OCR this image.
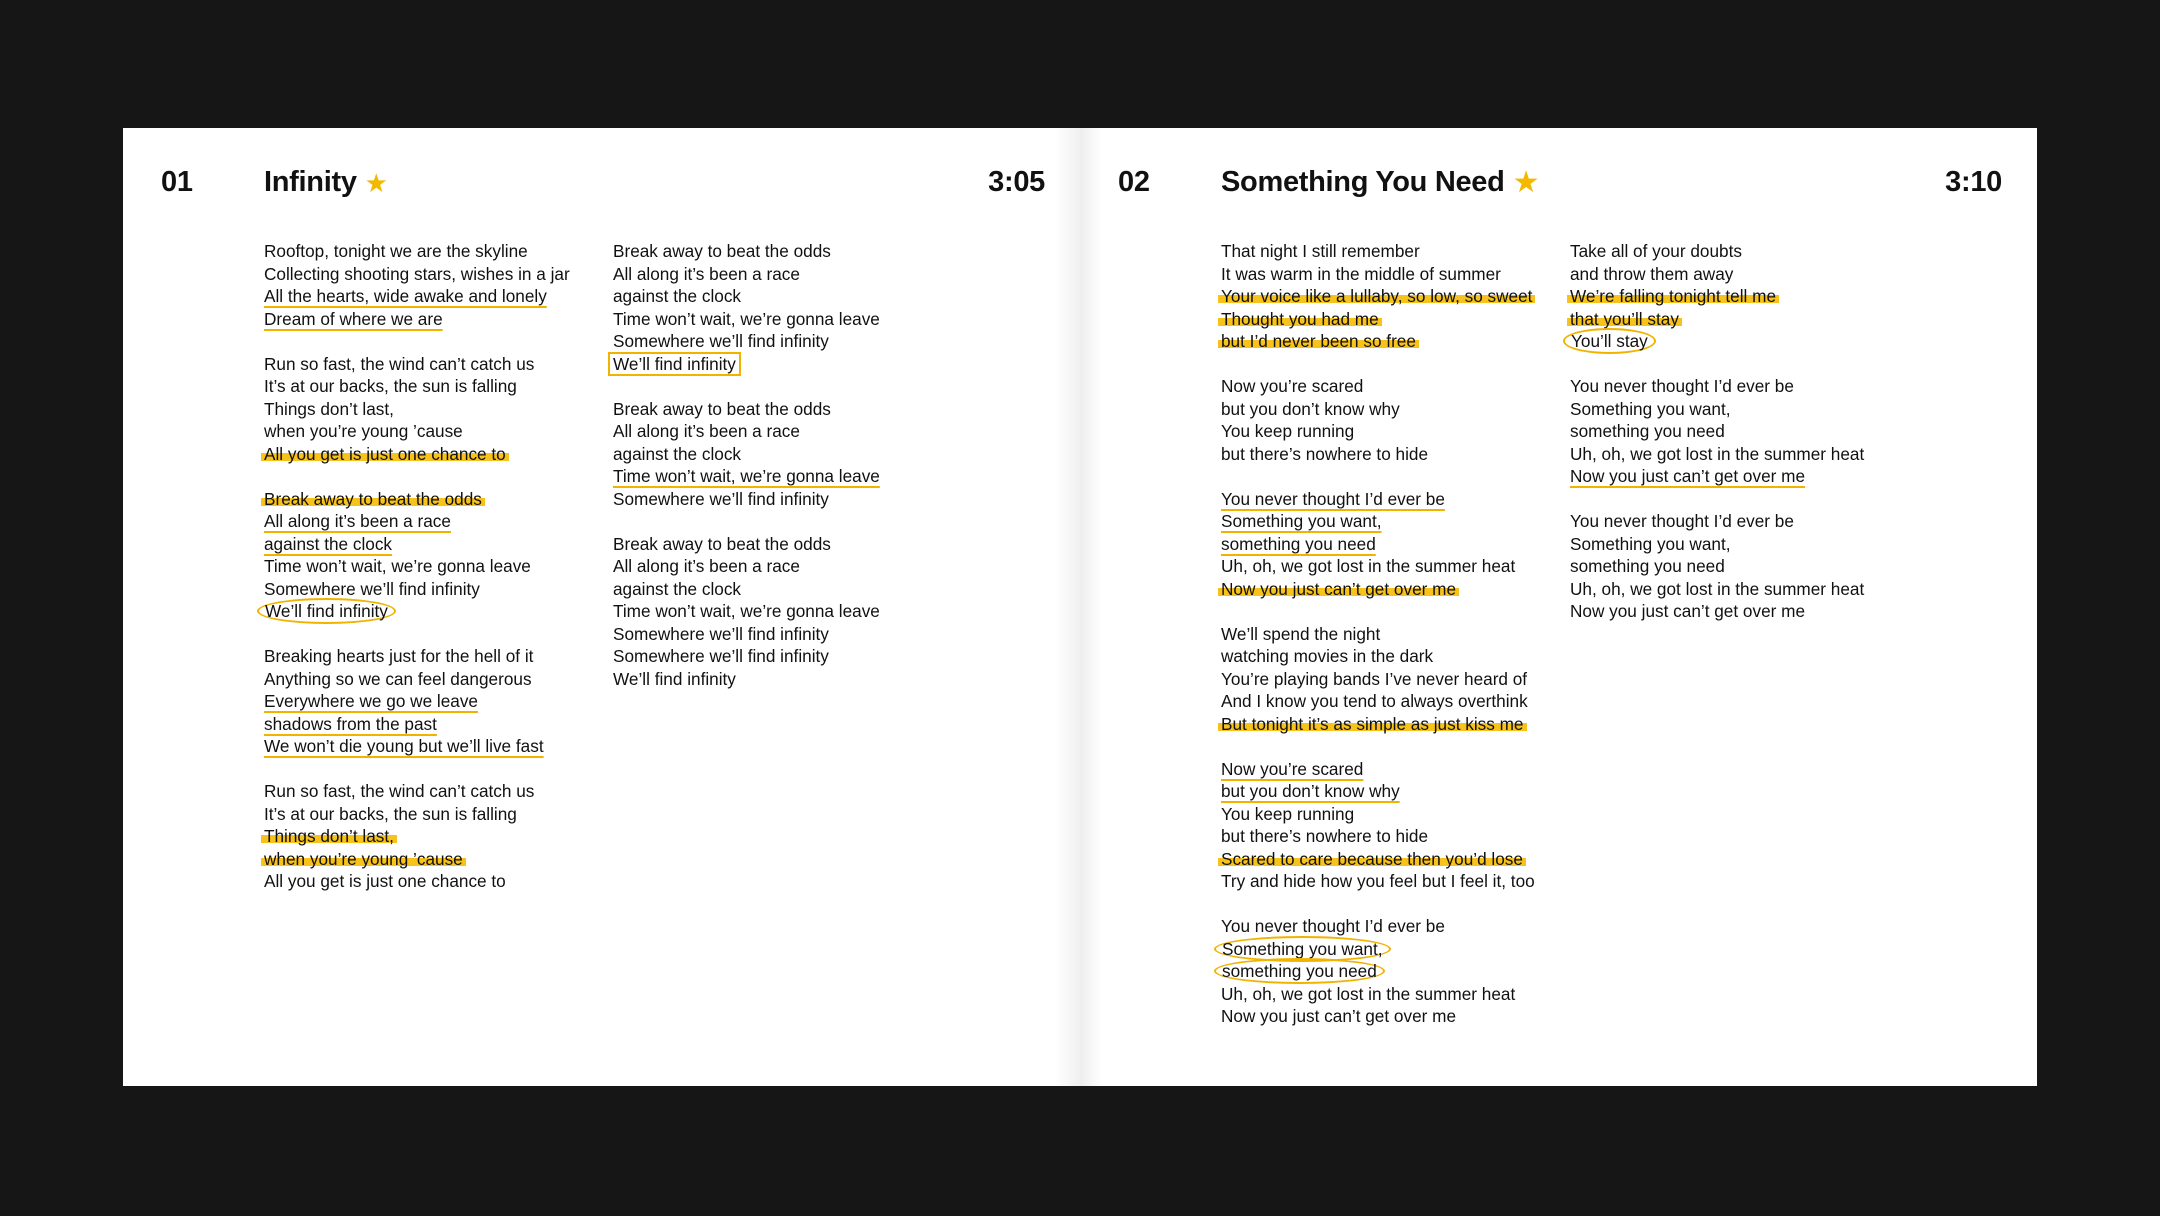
01 Infinity ★	3:05
Rooftop, tonight we are the skyline
Collecting shooting stars, wishes in a jar
All the hearts, wide awake and lonely
Dream of where we are
Run so fast, the wind can’t catch us
It’s at our backs, the sun is falling
Things don’t last,
when you’re young ’cause
All you get is just one chance to
Break away to beat the odds
All along it’s been a race
against the clock
Time won’t wait, we’re gonna leave
Somewhere we’ll find infinity
We’ll find infinity
Breaking hearts just for the hell of it
Anything so we can feel dangerous
Everywhere we go we leave
shadows from the past
We won’t die young but we’ll live fast
Run so fast, the wind can’t catch us
It’s at our backs, the sun is falling
Things don’t last,
when you’re young ’cause
All you get is just one chance to
Break away to beat the odds
All along it’s been a race
against the clock
Time won’t wait, we’re gonna leave
Somewhere we’ll find infinity
We’ll find infinity
Break away to beat the odds
All along it’s been a race
against the clock
Time won’t wait, we’re gonna leave
Somewhere we’ll find infinity
Break away to beat the odds
All along it’s been a race
against the clock
Time won’t wait, we’re gonna leave
Somewhere we’ll find infinity
Somewhere we’ll find infinity
We’ll find infinity
02 Something You Need ★	3:10
That night I still remember
It was warm in the middle of summer
Your voice like a lullaby, so low, so sweet
Thought you had me
but I’d never been so free
Now you’re scared
but you don’t know why
You keep running
but there’s nowhere to hide
You never thought I’d ever be
Something you want,
something you need
Uh, oh, we got lost in the summer heat
Now you just can’t get over me
We’ll spend the night
watching movies in the dark
You’re playing bands I’ve never heard of
And I know you tend to always overthink
But tonight it’s as simple as just kiss me
Now you’re scared
but you don’t know why
You keep running
but there’s nowhere to hide
Scared to care because then you’d lose
Try and hide how you feel but I feel it, too
You never thought I’d ever be
Something you want,
something you need
Uh, oh, we got lost in the summer heat
Now you just can’t get over me
Take all of your doubts
and throw them away
We’re falling tonight tell me
that you’ll stay
You’ll stay
You never thought I’d ever be
Something you want,
something you need
Uh, oh, we got lost in the summer heat
Now you just can’t get over me
You never thought I’d ever be
Something you want,
something you need
Uh, oh, we got lost in the summer heat
Now you just can’t get over me
